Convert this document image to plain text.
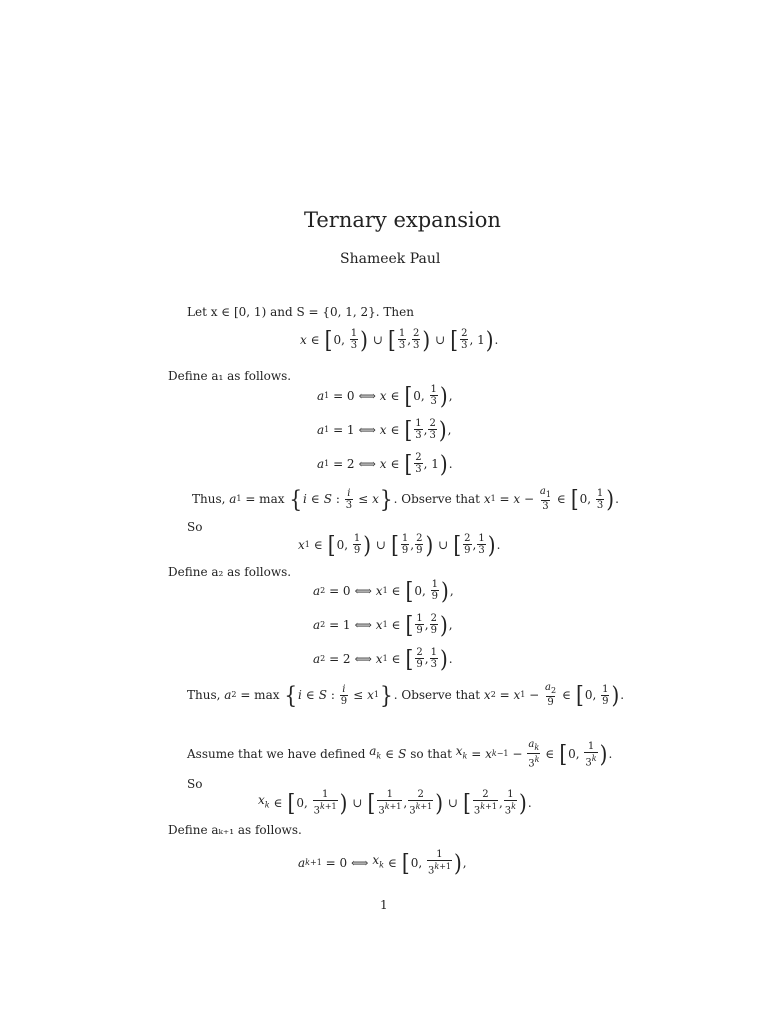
Ternary expansion
Shameek Paul
Let x ∈ [0, 1) and S = {0, 1, 2}. Then
x ∈ [ 0, $\frac{1}{3}$ ) ∪ [ $\frac{1}{3}$ , $\frac{2}{3}$ ) ∪ [ $\frac{2}{3}$ , 1 ) .
Define a₁ as follows.
a 1 = 0 ⟺ x ∈ [ 0, $\frac{1}{3}$ ) ,
a 1 = 1 ⟺ x ∈ [ $\frac{1}{3}$ , $\frac{2}{3}$ ) ,
a 1 = 2 ⟺ x ∈ [ $\frac{2}{3}$ , 1 ) .
Thus, a 1 = max { i ∈ S : $\frac{i}{3} \le x$ } . Observe that x $1 = x - \frac{a_1}{3}$ ∈ [ 0, $\frac{1}{3}$ ) .
So
x 1 ∈ [ 0, $\frac{1}{9}$ ) ∪ [ $\frac{1}{9}$ , $\frac{2}{9}$ ) ∪ [ $\frac{2}{9}$ , $\frac{1}{3}$ ) .
Define a₂ as follows.
a 2 = 0 ⟺ x 1 ∈ [ 0, $\frac{1}{9}$ ) ,
a 2 = 1 ⟺ x 1 ∈ [ $\frac{1}{9}$ , $\frac{2}{9}$ ) ,
a 2 = 2 ⟺ x 1 ∈ [ $\frac{2}{9}$ , $\frac{1}{3}$ ) .
Thus, a 2 = max { i ∈ S : $\frac{i}{9} \le x$ 1 } . Observe that x 2 = x $1 - \frac{a_2}{9}$ ∈ [ 0, $\frac{1}{9}$ ) .
Assume that we have defined $a_k$ ∈ S so that $x_k = x$ $k-1 - \frac{a_k}{3^k}$ ∈ [ 0, $\frac{1}{3^k}$ ) .
So
$x_k$ ∈ [ 0, $\frac{1}{3^{k+1}}$ ) ∪ [ $\frac{1}{3^{k+1}}$ , $\frac{2}{3^{k+1}}$ ) ∪ [ $\frac{2}{3^{k+1}}$ , $\frac{1}{3^k}$ ) .
Define aₖ₊₁ as follows.
a k+1 = 0 ⟺ $x_k$ ∈ [ 0, $\frac{1}{3^{k+1}}$ ) ,
1
